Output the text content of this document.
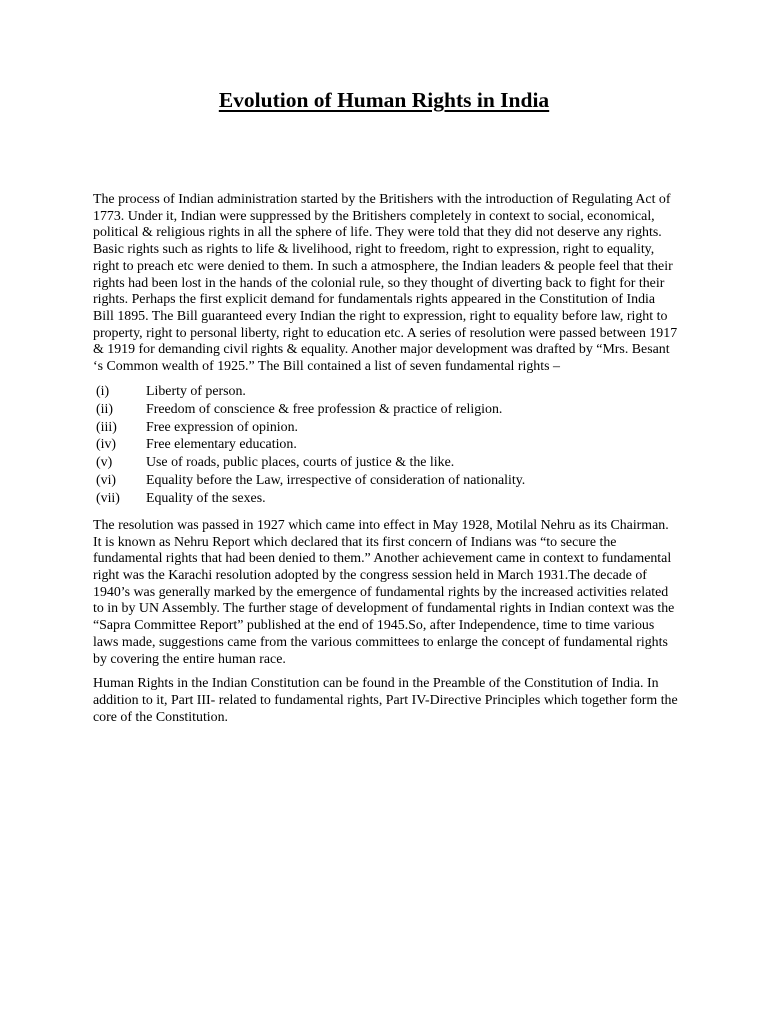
Evolution of Human Rights in India

The process of Indian administration started by the Britishers with the introduction of Regulating Act of 1773. Under it, Indian were suppressed by the Britishers completely in context to social, economical, political & religious rights in all the sphere of life. They were told that they did not deserve any rights. Basic rights such as rights to life & livelihood, right to freedom, right to expression, right to equality, right to preach etc were denied to them. In such a atmosphere, the Indian leaders & people feel that their rights had been lost in the hands of the colonial rule, so they thought of diverting back to fight for their rights. Perhaps the first explicit demand for fundamentals rights appeared in the Constitution of India Bill 1895. The Bill guaranteed every Indian the right to expression, right to equality before law, right to property, right to personal liberty, right to education etc. A series of resolution were passed between 1917 & 1919 for demanding civil rights & equality. Another major development was drafted by “Mrs. Besant ‘s Common wealth of 1925.” The Bill contained a list of seven fundamental rights –

(i)	Liberty of person.
(ii)	Freedom of conscience & free profession & practice of religion.
(iii)	Free expression of opinion.
(iv)	Free elementary education.
(v)	Use of roads, public places, courts of justice & the like.
(vi)	Equality before the Law, irrespective of consideration of nationality.
(vii)	Equality of the sexes.

The resolution was passed in 1927 which came into effect in May 1928, Motilal Nehru as its Chairman. It is known as Nehru Report which declared that its first concern of Indians was “to secure the fundamental rights that had been denied to them.” Another achievement came in context to fundamental right was the Karachi resolution adopted by the congress session held in March 1931.The decade of 1940’s was generally marked by the emergence of fundamental rights by the increased activities related to in by UN Assembly. The further stage of development of fundamental rights in Indian context was the “Sapra Committee Report” published at the end of 1945.So, after Independence, time to time various laws made, suggestions came from the various committees to enlarge the concept of fundamental rights by covering the entire human race.

Human Rights in the Indian Constitution can be found in the Preamble of the Constitution of India. In addition to it, Part III- related to fundamental rights, Part IV-Directive Principles which together form the core of the Constitution.
